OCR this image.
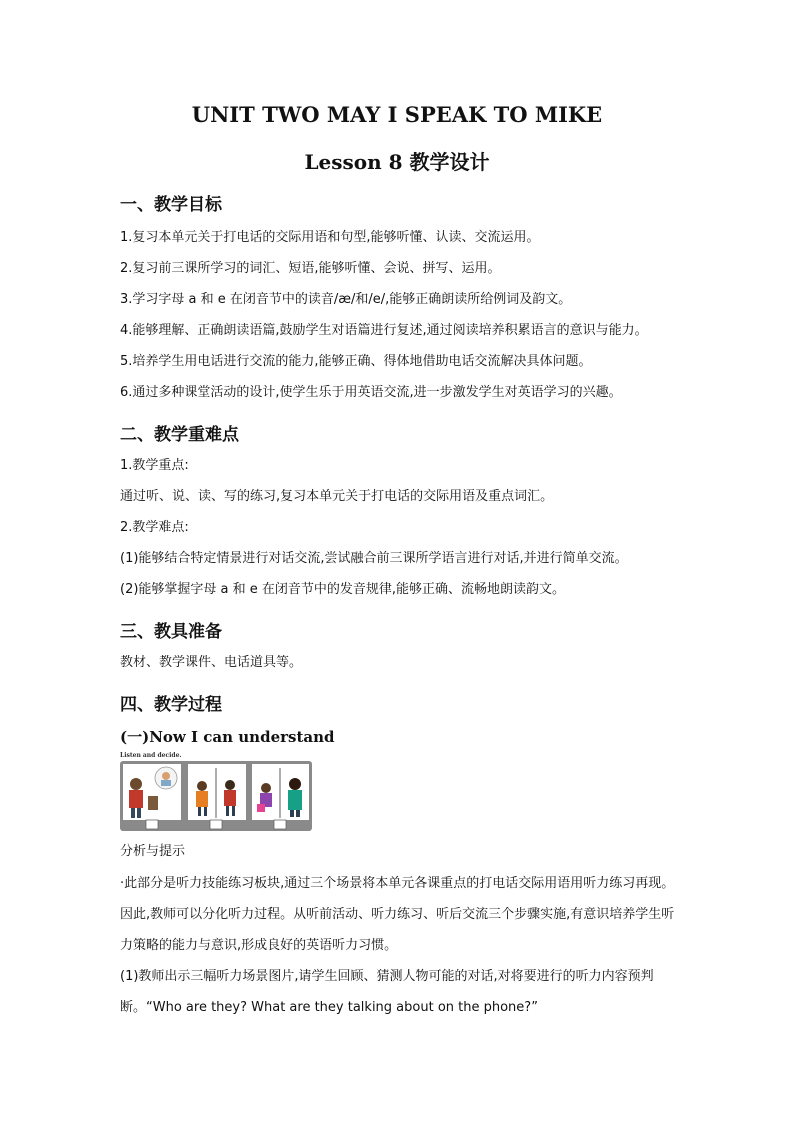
UNIT TWO MAY I SPEAK TO MIKE
Lesson 8 教学设计
一、教学目标

1.复习本单元关于打电话的交际用语和句型,能够听懂、认读、交流运用。

2.复习前三课所学习的词汇、短语,能够听懂、会说、拼写、运用。

3.学习字母 a 和 e 在闭音节中的读音/æ/和/e/,能够正确朗读所给例词及韵文。

4.能够理解、正确朗读语篇,鼓励学生对语篇进行复述,通过阅读培养积累语言的意识与能力。

5.培养学生用电话进行交流的能力,能够正确、得体地借助电话交流解决具体问题。

6.通过多种课堂活动的设计,使学生乐于用英语交流,进一步激发学生对英语学习的兴趣。

二、教学重难点

1.教学重点:

通过听、说、读、写的练习,复习本单元关于打电话的交际用语及重点词汇。

2.教学难点:

(1)能够结合特定情景进行对话交流,尝试融合前三课所学语言进行对话,并进行简单交流。

(2)能够掌握字母 a 和 e 在闭音节中的发音规律,能够正确、流畅地朗读韵文。

三、教具准备

教材、教学课件、电话道具等。

四、教学过程
(一)Now I can understand
Listen and decide.

分析与提示

·此部分是听力技能练习板块,通过三个场景将本单元各课重点的打电话交际用语用听力练习再现。因此,教师可以分化听力过程。从听前活动、听力练习、听后交流三个步骤实施,有意识培养学生听力策略的能力与意识,形成良好的英语听力习惯。

(1)教师出示三幅听力场景图片,请学生回顾、猜测人物可能的对话,对将要进行的听力内容预判断。“Who are they? What are they talking about on the phone?”
